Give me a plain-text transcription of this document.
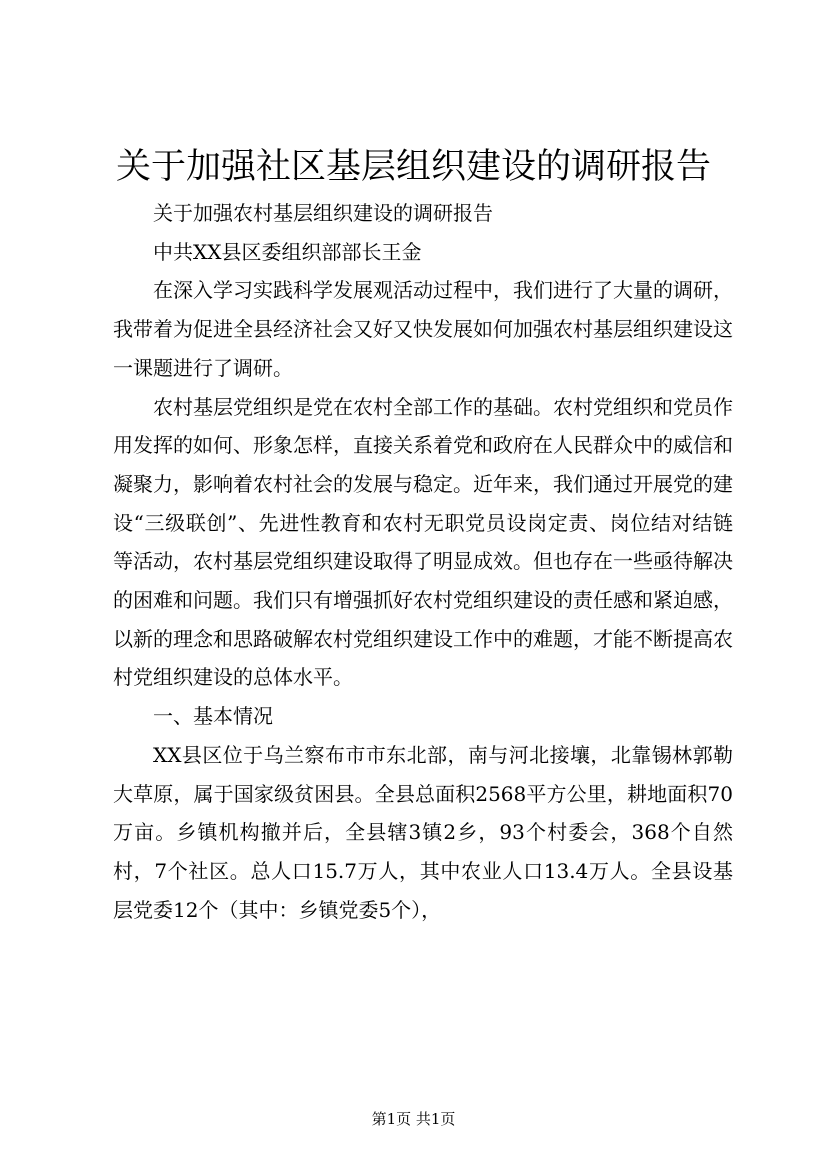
关于加强社区基层组织建设的调研报告

关于加强农村基层组织建设的调研报告

中共XX县区委组织部部长王金

在深入学习实践科学发展观活动过程中，我们进行了大量的调研，我带着为促进全县经济社会又好又快发展如何加强农村基层组织建设这一课题进行了调研。

农村基层党组织是党在农村全部工作的基础。农村党组织和党员作用发挥的如何、形象怎样，直接关系着党和政府在人民群众中的威信和凝聚力，影响着农村社会的发展与稳定。近年来，我们通过开展党的建设“三级联创”、先进性教育和农村无职党员设岗定责、岗位结对结链等活动，农村基层党组织建设取得了明显成效。但也存在一些亟待解决的困难和问题。我们只有增强抓好农村党组织建设的责任感和紧迫感，以新的理念和思路破解农村党组织建设工作中的难题，才能不断提高农村党组织建设的总体水平。

一、基本情况

XX县区位于乌兰察布市市东北部，南与河北接壤，北靠锡林郭勒大草原，属于国家级贫困县。全县总面积2568平方公里，耕地面积70万亩。乡镇机构撤并后，全县辖3镇2乡，93个村委会，368个自然村，7个社区。总人口15.7万人，其中农业人口13.4万人。全县设基层党委12个（其中：乡镇党委5个），

第1页 共1页
